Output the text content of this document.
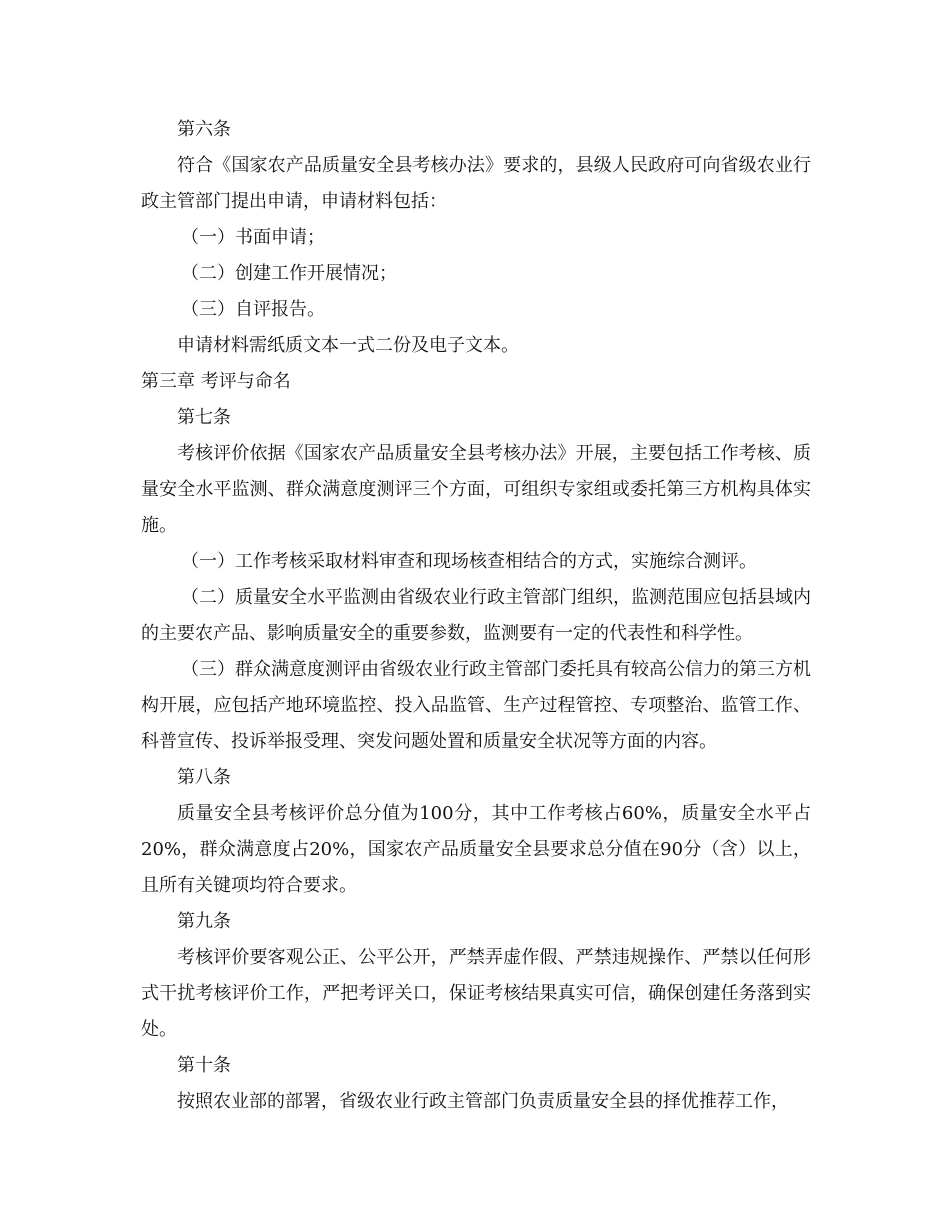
第六条

符合《国家农产品质量安全县考核办法》要求的，县级人民政府可向省级农业行政主管部门提出申请，申请材料包括：

（一）书面申请；

（二）创建工作开展情况；

（三）自评报告。

申请材料需纸质文本一式二份及电子文本。

第三章 考评与命名

第七条

考核评价依据《国家农产品质量安全县考核办法》开展，主要包括工作考核、质量安全水平监测、群众满意度测评三个方面，可组织专家组或委托第三方机构具体实施。

（一）工作考核采取材料审查和现场核查相结合的方式，实施综合测评。

（二）质量安全水平监测由省级农业行政主管部门组织，监测范围应包括县域内的主要农产品、影响质量安全的重要参数，监测要有一定的代表性和科学性。

（三）群众满意度测评由省级农业行政主管部门委托具有较高公信力的第三方机构开展，应包括产地环境监控、投入品监管、生产过程管控、专项整治、监管工作、科普宣传、投诉举报受理、突发问题处置和质量安全状况等方面的内容。

第八条

质量安全县考核评价总分值为100分，其中工作考核占60%，质量安全水平占20%，群众满意度占20%，国家农产品质量安全县要求总分值在90分（含）以上，且所有关键项均符合要求。

第九条

考核评价要客观公正、公平公开，严禁弄虚作假、严禁违规操作、严禁以任何形式干扰考核评价工作，严把考评关口，保证考核结果真实可信，确保创建任务落到实处。

第十条

按照农业部的部署，省级农业行政主管部门负责质量安全县的择优推荐工作，
